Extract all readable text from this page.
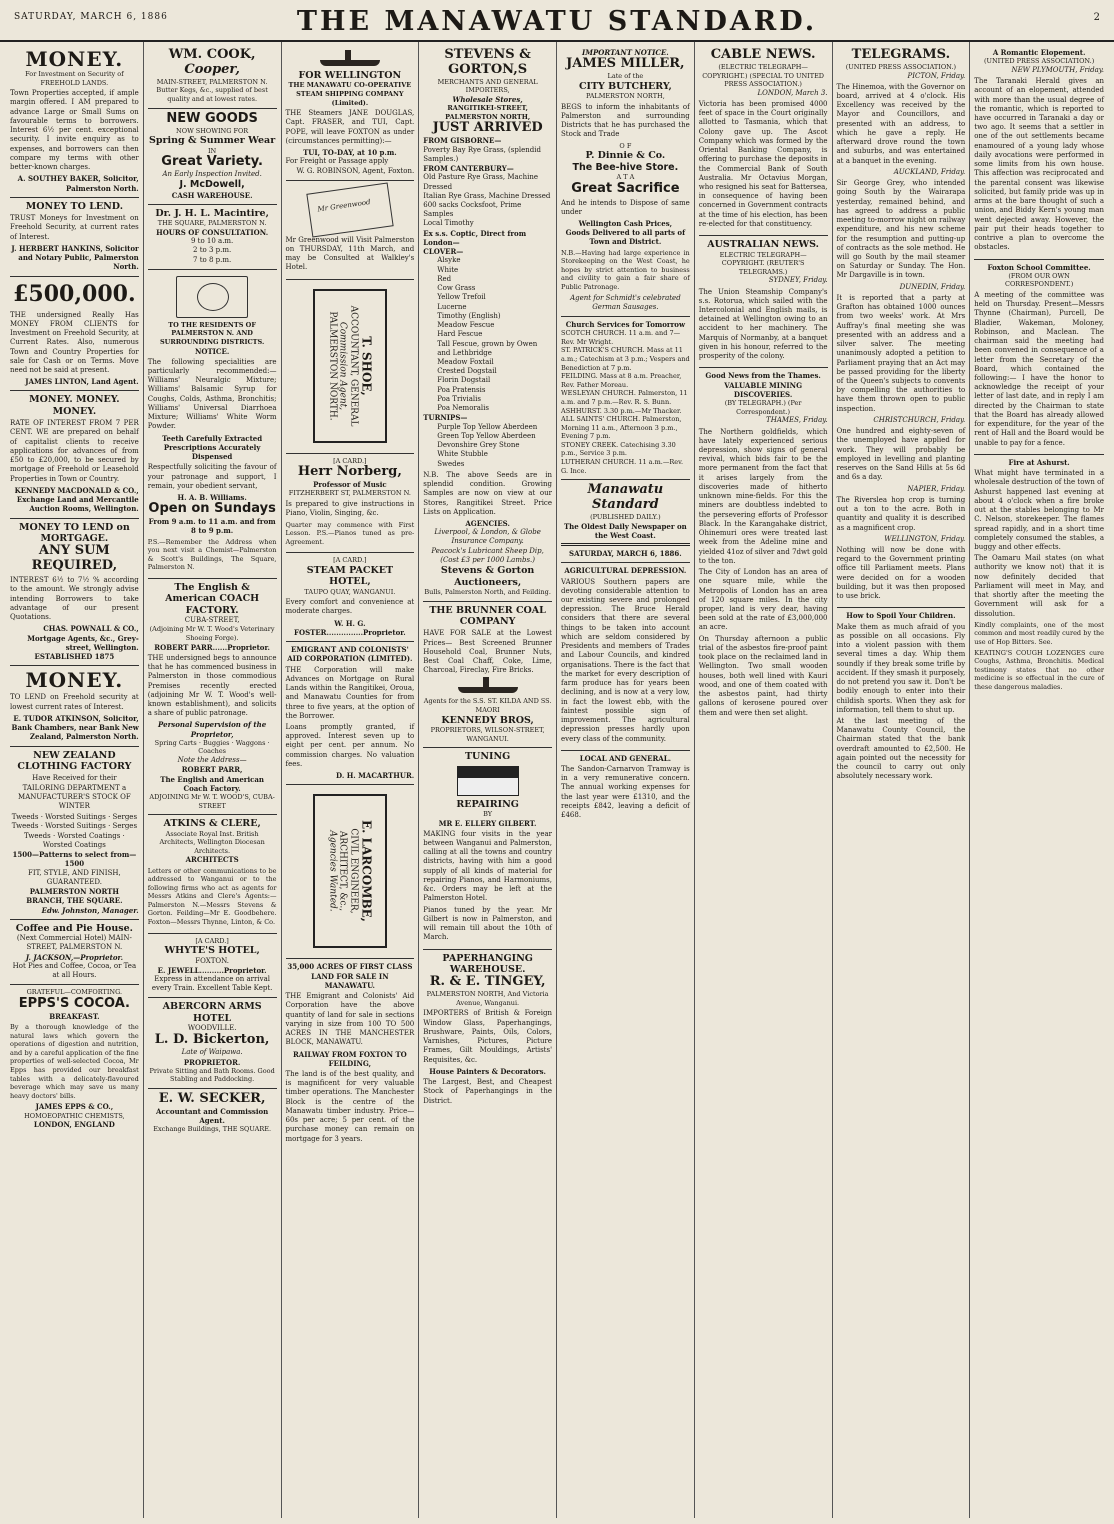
SATURDAY, MARCH 6, 1886	THE MANAWATU STANDARD.	2
MONEY.
For Investment on Security of FREEHOLD LANDS.

Town Properties accepted, if ample margin offered. I AM prepared to advance Large or Small Sums on favourable terms to borrowers. Interest 6½ per cent. exceptional security. I invite enquiry as to expenses, and borrowers can then compare my terms with other better-known charges.

A. SOUTHEY BAKER, Solicitor, Palmerston North.
MONEY TO LEND.

TRUST Moneys for Investment on Freehold Security, at current rates of Interest.

J. HERBERT HANKINS, Solicitor and Notary Public, Palmerston North.
£500,000.

THE undersigned Really Has MONEY FROM CLIENTS for Investment on Freehold Security, at Current Rates. Also, numerous Town and Country Properties for sale for Cash or on Terms. Move need not be said at present.

JAMES LINTON, Land Agent.
MONEY. MONEY. MONEY.

RATE OF INTEREST FROM 7 PER CENT. WE are prepared on behalf of capitalist clients to receive applications for advances of from £50 to £20,000, to be secured by mortgage of Freehold or Leasehold Properties in Town or Country.

KENNEDY MACDONALD & CO., Exchange Land and Mercantile Auction Rooms, Wellington.
MONEY TO LEND on MORTGAGE.
ANY SUM REQUIRED,

INTEREST 6½ to 7½ % according to the amount. We strongly advise intending Borrowers to take advantage of our present Quotations.

CHAS. POWNALL & CO., Mortgage Agents, &c., Grey-street, Wellington.
ESTABLISHED 1875
MONEY.

TO LEND on Freehold security at lowest current rates of Interest.

E. TUDOR ATKINSON, Solicitor, Bank Chambers, near Bank New Zealand, Palmerston North.
NEW ZEALAND CLOTHING FACTORY

Have Received for their TAILORING DEPARTMENT a MANUFACTURER'S STOCK OF WINTER

Tweeds · Worsted Suitings · Serges
Tweeds · Worsted Suitings · Serges
Tweeds · Worsted Coatings · Worsted Coatings
1500—Patterns to select from—1500
FIT, STYLE, AND FINISH, GUARANTEED.
PALMERSTON NORTH BRANCH, THE SQUARE.
Edw. Johnston, Manager.
Coffee and Pie House.
(Next Commercial Hotel) MAIN-STREET, PALMERSTON N.
J. JACKSON,—Proprietor.
Hot Pies and Coffee, Cocoa, or Tea at all Hours.
GRATEFUL—COMFORTING.
EPPS'S COCOA.
BREAKFAST.

By a thorough knowledge of the natural laws which govern the operations of digestion and nutrition, and by a careful application of the fine properties of well-selected Cocoa, Mr Epps has provided our breakfast tables with a delicately-flavoured beverage which may save us many heavy doctors' bills.

JAMES EPPS & CO.,
HOMOEOPATHIC CHEMISTS,
LONDON, ENGLAND
WM. COOK,
Cooper,
MAIN-STREET, PALMERSTON N.
Butter Kegs, &c., supplied of best quality and at lowest rates.
NEW GOODS
NOW SHOWING FOR
Spring & Summer Wear
IN
Great Variety.
An Early Inspection Invited.
J. McDowell,
CASH WAREHOUSE.
Dr. J. H. L. Macintire,
THE SQUARE, PALMERSTON N.
HOURS OF CONSULTATION.
9 to 10 a.m.
2 to 3 p.m.
7 to 8 p.m.
TO THE RESIDENTS OF PALMERSTON N. AND SURROUNDING DISTRICTS.
NOTICE.

The following specialities are particularly recommended:— Williams' Neuralgic Mixture; Williams' Balsamic Syrup for Coughs, Colds, Asthma, Bronchitis; Williams' Universal Diarrhoea Mixture; Williams' White Worm Powder.

Teeth Carefully Extracted
Prescriptions Accurately Dispensed

Respectfully soliciting the favour of your patronage and support, I remain, your obedient servant,

H. A. B. Williams.
Open on Sundays
From 9 a.m. to 11 a.m. and from 8 to 9 p.m.

P.S.—Remember the Address when you next visit a Chemist—Palmerston & Scott's Buildings, The Square, Palmerston N.

The English & American COACH FACTORY.
CUBA-STREET,
(Adjoining Mr W. T. Wood's Veterinary Shoeing Forge).
ROBERT PARR......Proprietor.

THE undersigned begs to announce that he has commenced business in Palmerston in those commodious Premises recently erected (adjoining Mr W. T. Wood's well-known establishment), and solicits a share of public patronage.

Personal Supervision of the Proprietor,
Spring Carts · Buggies · Waggons · Coaches
Note the Address—
ROBERT PARR,
The English and American Coach Factory.
ADJOINING Mr W. T. WOOD'S, CUBA-STREET
ATKINS & CLERE,
Associate Royal Inst. British Architects, Wellington Diocesan Architects.
ARCHITECTS

Letters or other communications to be addressed to Wanganui or to the following firms who act as agents for Messrs Atkins and Clere's Agents:— Palmerston N.—Messrs Stevens & Gorton. Feilding—Mr E. Goodbehere. Foxton—Messrs Thynne, Linton, & Co.

[A CARD.]
WHYTE'S HOTEL,
FOXTON.
E. JEWELL..........Proprietor.
Express in attendance on arrival every Train. Excellent Table Kept.
ABERCORN ARMS HOTEL
WOODVILLE.
L. D. Bickerton,
Late of Waipawa.
PROPRIETOR.
Private Sitting and Bath Rooms. Good Stabling and Paddocking.
E. W. SECKER,
Accountant and Commission Agent.
Exchange Buildings, THE SQUARE.
FOR WELLINGTON
THE MANAWATU CO-OPERATIVE STEAM SHIPPING COMPANY (Limited).

THE Steamers JANE DOUGLAS, Capt. FRASER, and TUI, Capt. POPE, will leave FOXTON as under (circumstances permitting):—

TUI, TO-DAY, at 10 p.m.
For Freight or Passage apply
W. G. ROBINSON, Agent, Foxton.
Mr Greenwood

Mr Greenwood will Visit Palmerston on THURSDAY, 11th March, and may be Consulted at Walkley's Hotel.

T. SHOE,
ACCOUNTANT, GENERAL
Commission Agent,
PALMERSTON NORTH.
[A CARD.]
Herr Norberg,
Professor of Music
FITZHERBERT ST, PALMERSTON N.

Is prepared to give instructions in Piano, Violin, Singing, &c.

Quarter may commence with First Lesson. P.S.—Pianos tuned as pre-Agreement.

[A CARD.]
STEAM PACKET HOTEL,
TAUPO QUAY, WANGANUI.

Every comfort and convenience at moderate charges.

W. H. G. FOSTER...............Proprietor.
EMIGRANT AND COLONISTS' AID CORPORATION (LIMITED).

THE Corporation will make Advances on Mortgage on Rural Lands within the Rangitikei, Oroua, and Manawatu Counties for from three to five years, at the option of the Borrower.

Loans promptly granted, if approved. Interest seven up to eight per cent. per annum. No commission charges. No valuation fees.

D. H. MACARTHUR.
E. LARCOMBE,
CIVIL ENGINEER,
ARCHITECT, &c.,
Agencies Wanted.
35,000 ACRES OF FIRST CLASS LAND FOR SALE IN MANAWATU.

THE Emigrant and Colonists' Aid Corporation have the above quantity of land for sale in sections varying in size from 100 TO 500 ACRES IN THE MANCHESTER BLOCK, MANAWATU.

RAILWAY FROM FOXTON TO FEILDING,

The land is of the best quality, and is magnificent for very valuable timber operations. The Manchester Block is the centre of the Manawatu timber industry. Price—60s per acre; 5 per cent. of the purchase money can remain on mortgage for 3 years.

STEVENS & GORTON,S
MERCHANTS AND GENERAL IMPORTERS,
Wholesale Stores,
RANGITIKEI-STREET, PALMERSTON NORTH,
JUST ARRIVED
FROM GISBORNE—
Poverty Bay Rye Grass, (splendid Samples.)
FROM CANTERBURY—
Old Pasture Rye Grass, Machine Dressed
Italian Rye Grass, Machine Dressed
600 sacks Cocksfoot, Prime Samples
Local Timothy
Ex s.s. Coptic, Direct from London—
CLOVER—
Alsyke
White
Red
Cow Grass
Yellow Trefoil
Lucerne
Timothy (English)
Meadow Fescue
Hard Fescue
Tall Fescue, grown by Owen and Lethbridge
Meadow Foxtail
Crested Dogstail
Florin Dogstail
Poa Pratensis
Poa Trivialis
Poa Nemoralis
TURNIPS—
Purple Top Yellow Aberdeen
Green Top Yellow Aberdeen
Devonshire Grey Stone
White Stubble
Swedes

N.B. The above Seeds are in splendid condition. Growing Samples are now on view at our Stores, Rangitikei Street. Price Lists on Application.

AGENCIES.
Liverpool, & London, & Globe Insurance Company.
Peacock's Lubricant Sheep Dip, (Cost £3 per 1000 Lambs.)
Stevens & Gorton Auctioneers,
Bulls, Palmerston North, and Feilding.
THE BRUNNER COAL COMPANY

HAVE FOR SALE at the Lowest Prices— Best Screened Brunner Household Coal, Brunner Nuts, Best Coal Chaff, Coke, Lime, Charcoal, Fireclay, Fire Bricks.

Agents for the S.S. ST. KILDA AND SS. MAORI
KENNEDY BROS,
PROPRIETORS, WILSON-STREET, WANGANUI.
TUNING
REPAIRING
BY
MR E. ELLERY GILBERT.

MAKING four visits in the year between Wanganui and Palmerston, calling at all the towns and country districts, having with him a good supply of all kinds of material for repairing Pianos, and Harmoniums, &c. Orders may be left at the Palmerston Hotel.

Pianos tuned by the year. Mr Gilbert is now in Palmerston, and will remain till about the 10th of March.

PAPERHANGING WAREHOUSE.
R. & E. TINGEY,
PALMERSTON NORTH, And Victoria Avenue, Wanganui.

IMPORTERS of British & Foreign Window Glass, Paperhangings, Brushware, Paints, Oils, Colors, Varnishes, Pictures, Picture Frames, Gilt Mouldings, Artists' Requisites, &c.

House Painters & Decorators.

The Largest, Best, and Cheapest Stock of Paperhangings in the District.

IMPORTANT NOTICE.
JAMES MILLER,
Late of the
CITY BUTCHERY,
PALMERSTON NORTH,

BEGS to inform the inhabitants of Palmerston and surrounding Districts that he has purchased the Stock and Trade

O F
P. Dinnie & Co.
The Bee-hive Store.
A T A
Great Sacrifice

And he intends to Dispose of same under

Wellington Cash Prices,
Goods Delivered to all parts of Town and District.

N.B.—Having had large experience in Storekeeping on the West Coast, he hopes by strict attention to business and civility to gain a fair share of Public Patronage.

Agent for Schmidt's celebrated German Sausages.
Church Services for Tomorrow
SCOTCH CHURCH. 11 a.m. and 7—Rev. Mr Wright.
ST. PATRICK'S CHURCH. Mass at 11 a.m.; Catechism at 3 p.m.; Vespers and Benediction at 7 p.m.
FEILDING. Mass at 8 a.m. Preacher, Rev. Father Moreau.
WESLEYAN CHURCH. Palmerston, 11 a.m. and 7 p.m.—Rev. R. S. Bunn.
ASHHURST. 3.30 p.m.—Mr Thacker.
ALL SAINTS' CHURCH. Palmerston, Morning 11 a.m., Afternoon 3 p.m., Evening 7 p.m.
STONEY CREEK. Catechising 3.30 p.m., Service 3 p.m.
LUTHERAN CHURCH. 11 a.m.—Rev. G. Ince.
Manawatu Standard
(PUBLISHED DAILY.)
The Oldest Daily Newspaper on the West Coast.
SATURDAY, MARCH 6, 1886.
AGRICULTURAL DEPRESSION.

VARIOUS Southern papers are devoting considerable attention to our existing severe and prolonged depression. The Bruce Herald considers that there are several things to be taken into account which are seldom considered by Presidents and members of Trades and Labour Councils, and kindred organisations. There is the fact that the market for every description of farm produce has for years been declining, and is now at a very low, in fact the lowest ebb, with the faintest possible sign of improvement. The agricultural depression presses hardly upon every class of the community.

LOCAL AND GENERAL.

The Sandon-Carnarvon Tramway is in a very remunerative concern. The annual working expenses for the last year were £1310, and the receipts £842, leaving a deficit of £468.

CABLE NEWS.
(ELECTRIC TELEGRAPH—COPYRIGHT.) (SPECIAL TO UNITED PRESS ASSOCIATION.)
LONDON, March 3.

Victoria has been promised 4000 feet of space in the Court originally allotted to Tasmania, which that Colony gave up. The Ascot Company which was formed by the Oriental Banking Company, is offering to purchase the deposits in the Commercial Bank of South Australia. Mr Octavius Morgan, who resigned his seat for Battersea, in consequence of having been concerned in Government contracts at the time of his election, has been re-elected for that constituency.

AUSTRALIAN NEWS.
ELECTRIC TELEGRAPH—COPYRIGHT. (REUTER'S TELEGRAMS.)
SYDNEY, Friday.

The Union Steamship Company's s.s. Rotorua, which sailed with the Intercolonial and English mails, is detained at Wellington owing to an accident to her machinery. The Marquis of Normanby, at a banquet given in his honour, referred to the prosperity of the colony.

Good News from the Thames.
VALUABLE MINING DISCOVERIES.
(BY TELEGRAPH.) (Per Correspondent.)
THAMES, Friday.

The Northern goldfields, which have lately experienced serious depression, show signs of general revival, which bids fair to be the more permanent from the fact that it arises largely from the discoveries made of hitherto unknown mine-fields. For this the miners are doubtless indebted to the persevering efforts of Professor Black. In the Karangahake district, Ohinemuri ores were treated last week from the Adeline mine and yielded 41oz of silver and 7dwt gold to the ton.

The City of London has an area of one square mile, while the Metropolis of London has an area of 120 square miles. In the city proper, land is very dear, having been sold at the rate of £3,000,000 an acre.

On Thursday afternoon a public trial of the asbestos fire-proof paint took place on the reclaimed land in Wellington. Two small wooden houses, both well lined with Kauri wood, and one of them coated with the asbestos paint, had thirty gallons of kerosene poured over them and were then set alight.

TELEGRAMS.
(UNITED PRESS ASSOCIATION.)
PICTON, Friday.

The Hinemoa, with the Governor on board, arrived at 4 o'clock. His Excellency was received by the Mayor and Councillors, and presented with an address, to which he gave a reply. He afterward drove round the town and suburbs, and was entertained at a banquet in the evening.

AUCKLAND, Friday.

Sir George Grey, who intended going South by the Wairarapa yesterday, remained behind, and has agreed to address a public meeting to-morrow night on railway expenditure, and his new scheme for the resumption and putting-up of contracts as the sole method. He will go South by the mail steamer on Saturday or Sunday. The Hon. Mr Dargaville is in town.

DUNEDIN, Friday.

It is reported that a party at Grafton has obtained 1000 ounces from two weeks' work. At Mrs Auffray's final meeting she was presented with an address and a silver salver. The meeting unanimously adopted a petition to Parliament praying that an Act may be passed providing for the liberty of the Queen's subjects to convents by compelling the authorities to have them thrown open to public inspection.

CHRISTCHURCH, Friday.

One hundred and eighty-seven of the unemployed have applied for work. They will probably be employed in levelling and planting reserves on the Sand Hills at 5s 6d and 6s a day.

NAPIER, Friday.

The Riverslea hop crop is turning out a ton to the acre. Both in quantity and quality it is described as a magnificent crop.

WELLINGTON, Friday.

Nothing will now be done with regard to the Government printing office till Parliament meets. Plans were decided on for a wooden building, but it was then proposed to use brick.

How to Spoil Your Children.

Make them as much afraid of you as possible on all occasions. Fly into a violent passion with them several times a day. Whip them soundly if they break some trifle by accident. If they smash it purposely, do not pretend you saw it. Don't be bodily enough to enter into their childish sports. When they ask for information, tell them to shut up.

At the last meeting of the Manawatu County Council, the Chairman stated that the bank overdraft amounted to £2,500. He again pointed out the necessity for the council to carry out only absolutely necessary work.

A Romantic Elopement.
(UNITED PRESS ASSOCIATION.)
NEW PLYMOUTH, Friday.

The Taranaki Herald gives an account of an elopement, attended with more than the usual degree of the romantic, which is reported to have occurred in Taranaki a day or two ago. It seems that a settler in one of the out settlements became enamoured of a young lady whose daily avocations were performed in some limits from his own house. This affection was reciprocated and the parental consent was likewise solicited, but family pride was up in arms at the bare thought of such a union, and Biddy Kern's young man went dejected away. However, the pair put their heads together to contrive a plan to overcome the obstacles.

Foxton School Committee.
(FROM OUR OWN CORRESPONDENT.)

A meeting of the committee was held on Thursday. Present—Messrs Thynne (Chairman), Purcell, De Bladier, Wakeman, Moloney, Robinson, and Maclean. The chairman said the meeting had been convened in consequence of a letter from the Secretary of the Board, which contained the following:— I have the honor to acknowledge the receipt of your letter of last date, and in reply I am directed by the Chairman to state that the Board has already allowed for expenditure, for the year of the rent of Hall and the Board would be unable to pay for a fence.

Fire at Ashurst.

What might have terminated in a wholesale destruction of the town of Ashurst happened last evening at about 4 o'clock when a fire broke out at the stables belonging to Mr C. Nelson, storekeeper. The flames spread rapidly, and in a short time completely consumed the stables, a buggy and other effects.

The Oamaru Mail states (on what authority we know not) that it is now definitely decided that Parliament will meet in May, and that shortly after the meeting the Government will ask for a dissolution.

Kindly complaints, one of the most common and most readily cured by the use of Hop Bitters. See.

KEATING'S COUGH LOZENGES cure Coughs, Asthma, Bronchitis. Medical testimony states that no other medicine is so effectual in the cure of these dangerous maladies.
